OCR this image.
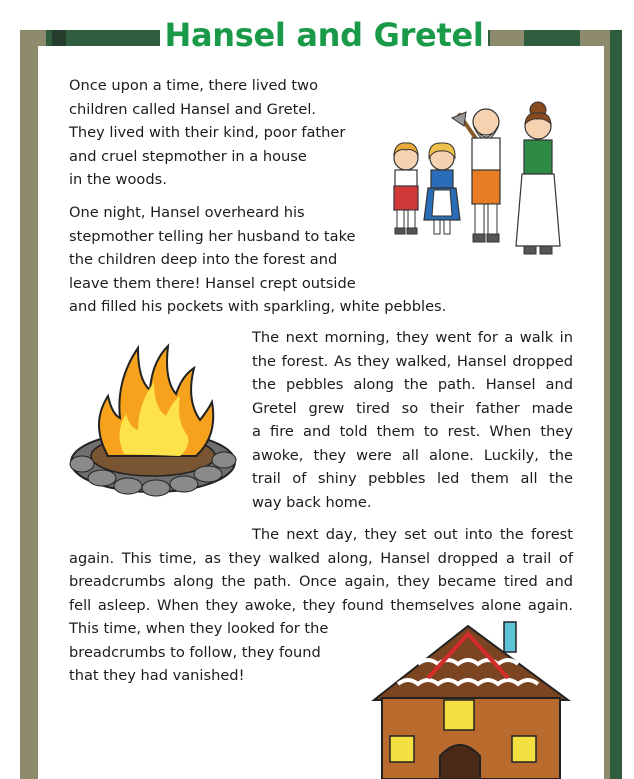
Hansel and Gretel
Once upon a time, there lived two
children called Hansel and Gretel.
They lived with their kind, poor father
and cruel stepmother in a house
in the woods.
One night, Hansel overheard his
stepmother telling her husband to take
the children deep into the forest and
leave them there! Hansel crept outside
and filled his pockets with sparkling, white pebbles.
The next morning, they went for a walk in
the forest. As they walked, Hansel dropped
the pebbles along the path. Hansel and
Gretel grew tired so their father made
a fire and told them to rest. When they
awoke, they were all alone. Luckily, the
trail of shiny pebbles led them all the
way back home.
The next day, they set out into the forest
again. This time, as they walked along, Hansel dropped a trail of
breadcrumbs along the path. Once again, they became tired and
fell asleep. When they awoke, they found themselves alone again.
This time, when they looked for the
breadcrumbs to follow, they found
that they had vanished!
